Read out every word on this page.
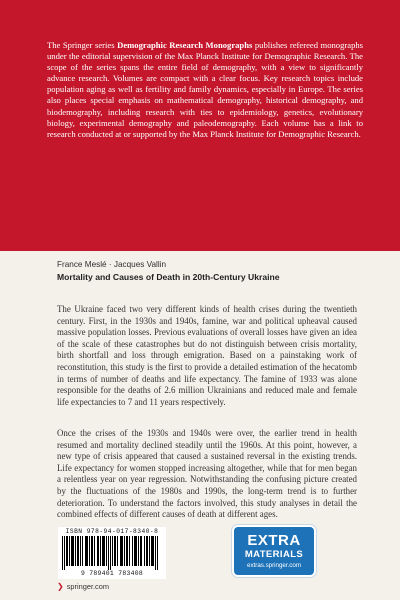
The Springer series Demographic Research Monographs publishes refereed monographs under the editorial supervision of the Max Planck Institute for Demographic Research. The scope of the series spans the entire field of demography, with a view to significantly advance research. Volumes are compact with a clear focus. Key research topics include population aging as well as fertility and family dynamics, especially in Europe. The series also places special emphasis on mathematical demography, historical demography, and biodemography, including research with ties to epidemiology, genetics, evolutionary biology, experimental demography and paleodemography. Each volume has a link to research conducted at or supported by the Max Planck Institute for Demographic Research.

France Meslé · Jacques Vallin

Mortality and Causes of Death in 20th-Century Ukraine

The Ukraine faced two very different kinds of health crises during the twentieth century. First, in the 1930s and 1940s, famine, war and political upheaval caused massive population losses. Previous evaluations of overall losses have given an idea of the scale of these catastrophes but do not distinguish between crisis mortality, birth shortfall and loss through emigration. Based on a painstaking work of reconstitution, this study is the first to provide a detailed estimation of the hecatomb in terms of number of deaths and life expectancy. The famine of 1933 was alone responsible for the deaths of 2.6 million Ukrainians and reduced male and female life expectancies to 7 and 11 years respectively.

Once the crises of the 1930s and 1940s were over, the earlier trend in health resumed and mortality declined steadily until the 1960s. At this point, however, a new type of crisis appeared that caused a sustained reversal in the existing trends. Life expectancy for women stopped increasing altogether, while that for men began a relentless year on year regression. Notwithstanding the confusing picture created by the fluctuations of the 1980s and 1990s, the long-term trend is to further deterioration. To understand the factors involved, this study analyses in detail the combined effects of different causes of death at different ages.

ISBN 978-94-017-8340-8
9 789401 783408
❯ springer.com
EXTRA
MATERIALS
extras.springer.com
